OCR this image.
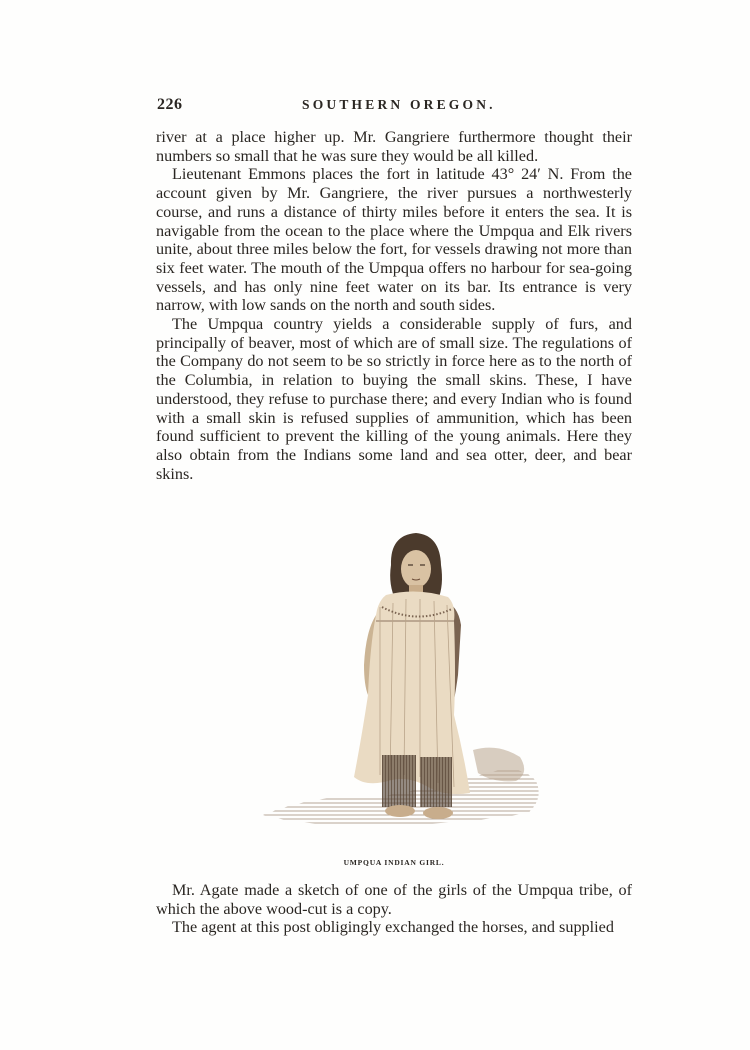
226	SOUTHERN OREGON.

river at a place higher up. Mr. Gangriere furthermore thought their numbers so small that he was sure they would be all killed.

Lieutenant Emmons places the fort in latitude 43° 24′ N. From the account given by Mr. Gangriere, the river pursues a northwesterly course, and runs a distance of thirty miles before it enters the sea. It is navigable from the ocean to the place where the Umpqua and Elk rivers unite, about three miles below the fort, for vessels drawing not more than six feet water. The mouth of the Umpqua offers no harbour for sea-going vessels, and has only nine feet water on its bar. Its entrance is very narrow, with low sands on the north and south sides.

The Umpqua country yields a considerable supply of furs, and principally of beaver, most of which are of small size. The regulations of the Company do not seem to be so strictly in force here as to the north of the Columbia, in relation to buying the small skins. These, I have understood, they refuse to purchase there; and every Indian who is found with a small skin is refused supplies of ammunition, which has been found sufficient to prevent the killing of the young animals. Here they also obtain from the Indians some land and sea otter, deer, and bear skins.

UMPQUA INDIAN GIRL.

Mr. Agate made a sketch of one of the girls of the Umpqua tribe, of which the above wood-cut is a copy.

The agent at this post obligingly exchanged the horses, and supplied
